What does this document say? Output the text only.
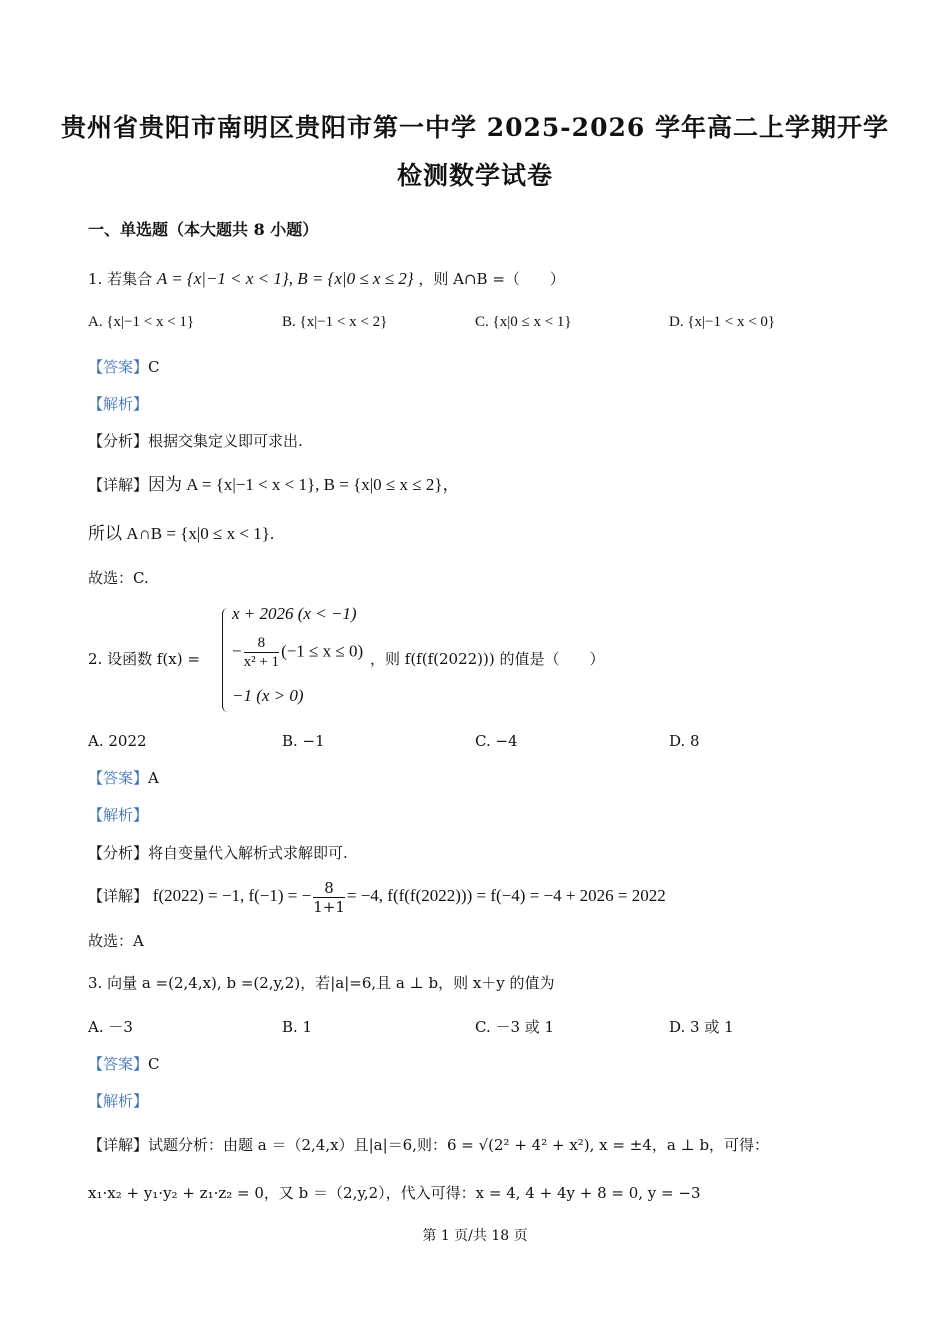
贵州省贵阳市南明区贵阳市第一中学 2025-2026 学年高二上学期开学
检测数学试卷
一、单选题（本大题共 8 小题）
1. 若集合 A = {x|−1 < x < 1}, B = {x|0 ≤ x ≤ 2} ，则 A∩B =（　　）
A. {x|−1 < x < 1}	B. {x|−1 < x < 2}	C. {x|0 ≤ x < 1}	D. {x|−1 < x < 0}
【答案】C
【解析】
【分析】根据交集定义即可求出.
【详解】因为 A = {x|−1 < x < 1}, B = {x|0 ≤ x ≤ 2}，
所以 A∩B = {x|0 ≤ x < 1}.
故选：C.
2. 设函数 f(x) =
x + 2026 (x < −1)
− $\frac{8}{\text{x² + 1}} (-1 \le x \le 0)$
−1 (x > 0)
，则 f(f(f(2022))) 的值是（　　）
A. 2022	B. −1	C. −4	D. 8
【答案】A
【解析】
【分析】将自变量代入解析式求解即可.
【详解】 f(2022) = −1, f(−1) = − $\frac{8}{1+1} = -4$, f(f(f(2022))) = f(−4) = −4 + 2026 = 2022
故选：A
3. 向量 a =(2,4,x), b =(2,y,2)，若|a|=6,且 a ⊥ b，则 x＋y 的值为
A. －3	B. 1	C. －3 或 1	D. 3 或 1
【答案】C
【解析】
【详解】试题分析：由题 a ＝（2,4,x）且|a|＝6,则：6 = √(2² + 4² + x²), x = ±4，a ⊥ b，可得：
x₁·x₂ + y₁·y₂ + z₁·z₂ = 0，又 b ＝（2,y,2），代入可得：x = 4, 4 + 4y + 8 = 0, y = −3
第 1 页/共 18 页
